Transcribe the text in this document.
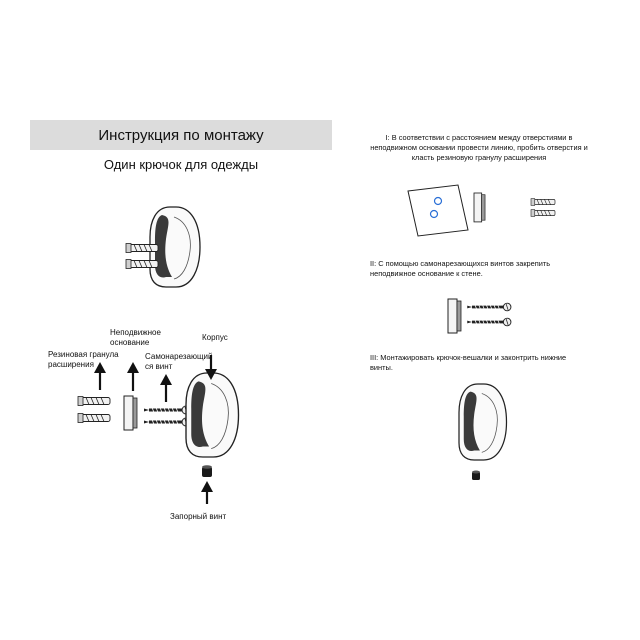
Инструкция по монтажу
Один крючок для одежды
Неподвижное основание
Корпус
Резиновая гранула расширения
Самонарезающий ся винт
Запорный винт
I: В соответствии с расстоянием между отверстиями в неподвижном основании провести линию, пробить отверстия и класть резиновую гранулу расширения
II: С помощью самонарезающихся винтов закрепить неподвижное основание к стене.
III: Монтажировать крючок-вешалки и законтрить нижние винты.
